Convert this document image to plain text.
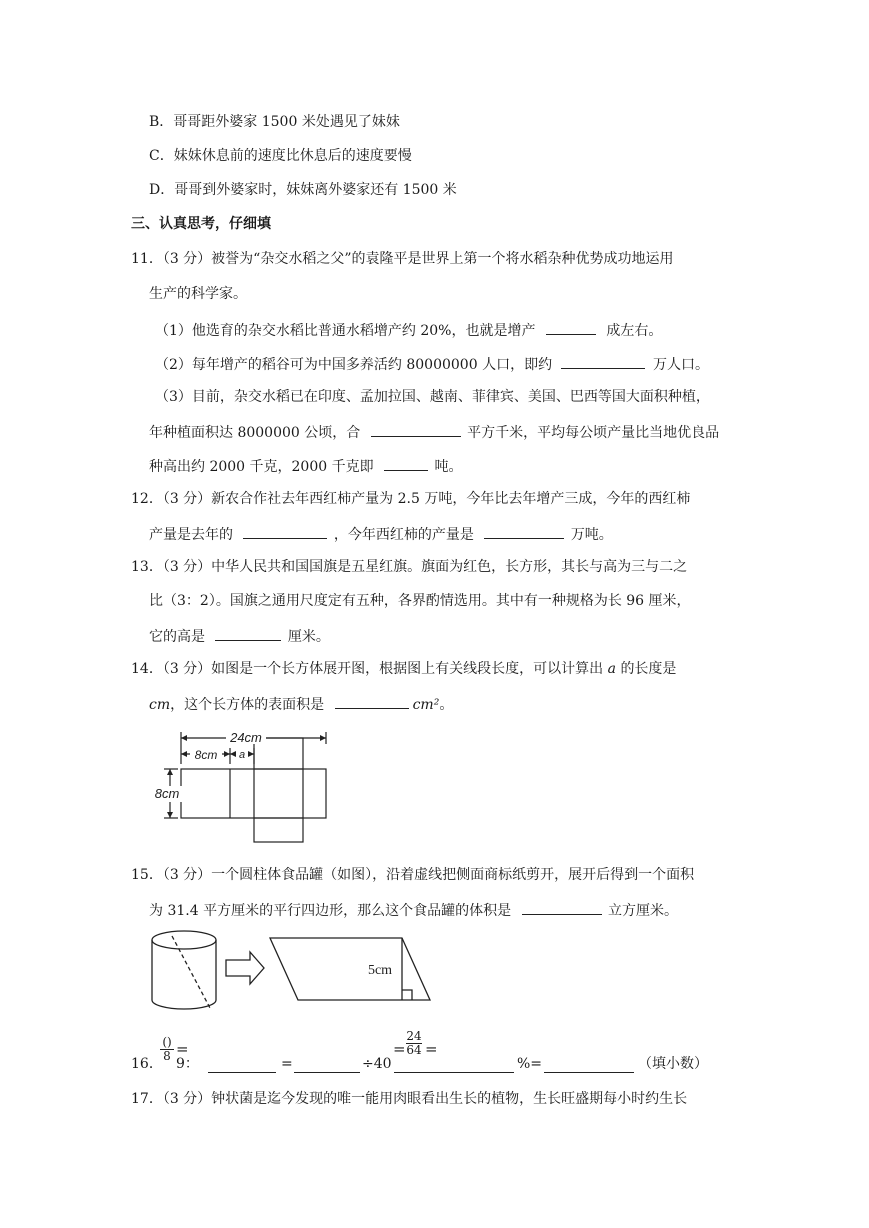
B．哥哥距外婆家 1500 米处遇见了妹妹
C．妹妹休息前的速度比休息后的速度要慢
D．哥哥到外婆家时，妹妹离外婆家还有 1500 米
三、认真思考，仔细填
11．（3 分）被誉为“杂交水稻之父”的袁隆平是世界上第一个将水稻杂种优势成功地运用
生产的科学家。
（1）他选育的杂交水稻比普通水稻增产约 20%，也就是增产	成左右。
（2）每年增产的稻谷可为中国多养活约 80000000 人口，即约	万人口。
（3）目前，杂交水稻已在印度、孟加拉国、越南、菲律宾、美国、巴西等国大面积种植，
年种植面积达 8000000 公顷，合	平方千米，平均每公顷产量比当地优良品
种高出约 2000 千克，2000 千克即	吨。
12．（3 分）新农合作社去年西红柿产量为 2.5 万吨，今年比去年增产三成，今年的西红柿
产量是去年的	，今年西红柿的产量是	万吨。
13．（3 分）中华人民共和国国旗是五星红旗。旗面为红色，长方形，其长与高为三与二之
比（3：2）。国旗之通用尺度定有五种，各界酌情选用。其中有一种规格为长 96 厘米，
它的高是	厘米。
14．（3 分）如图是一个长方体展开图，根据图上有关线段长度，可以计算出 a 的长度是
cm，这个长方体的表面积是	cm²。
24cm
8cm a
8cm
15．（3 分）一个圆柱体食品罐（如图），沿着虚线把侧面商标纸剪开，展开后得到一个面积
为 31.4 平方厘米的平行四边形，那么这个食品罐的体积是	立方厘米。
5cm
16．
()
8 =
9：	=	÷40
= $\frac{24}{64}$ =
%=	（填小数）
17．（3 分）钟状菌是迄今发现的唯一能用肉眼看出生长的植物，生长旺盛期每小时约生长
